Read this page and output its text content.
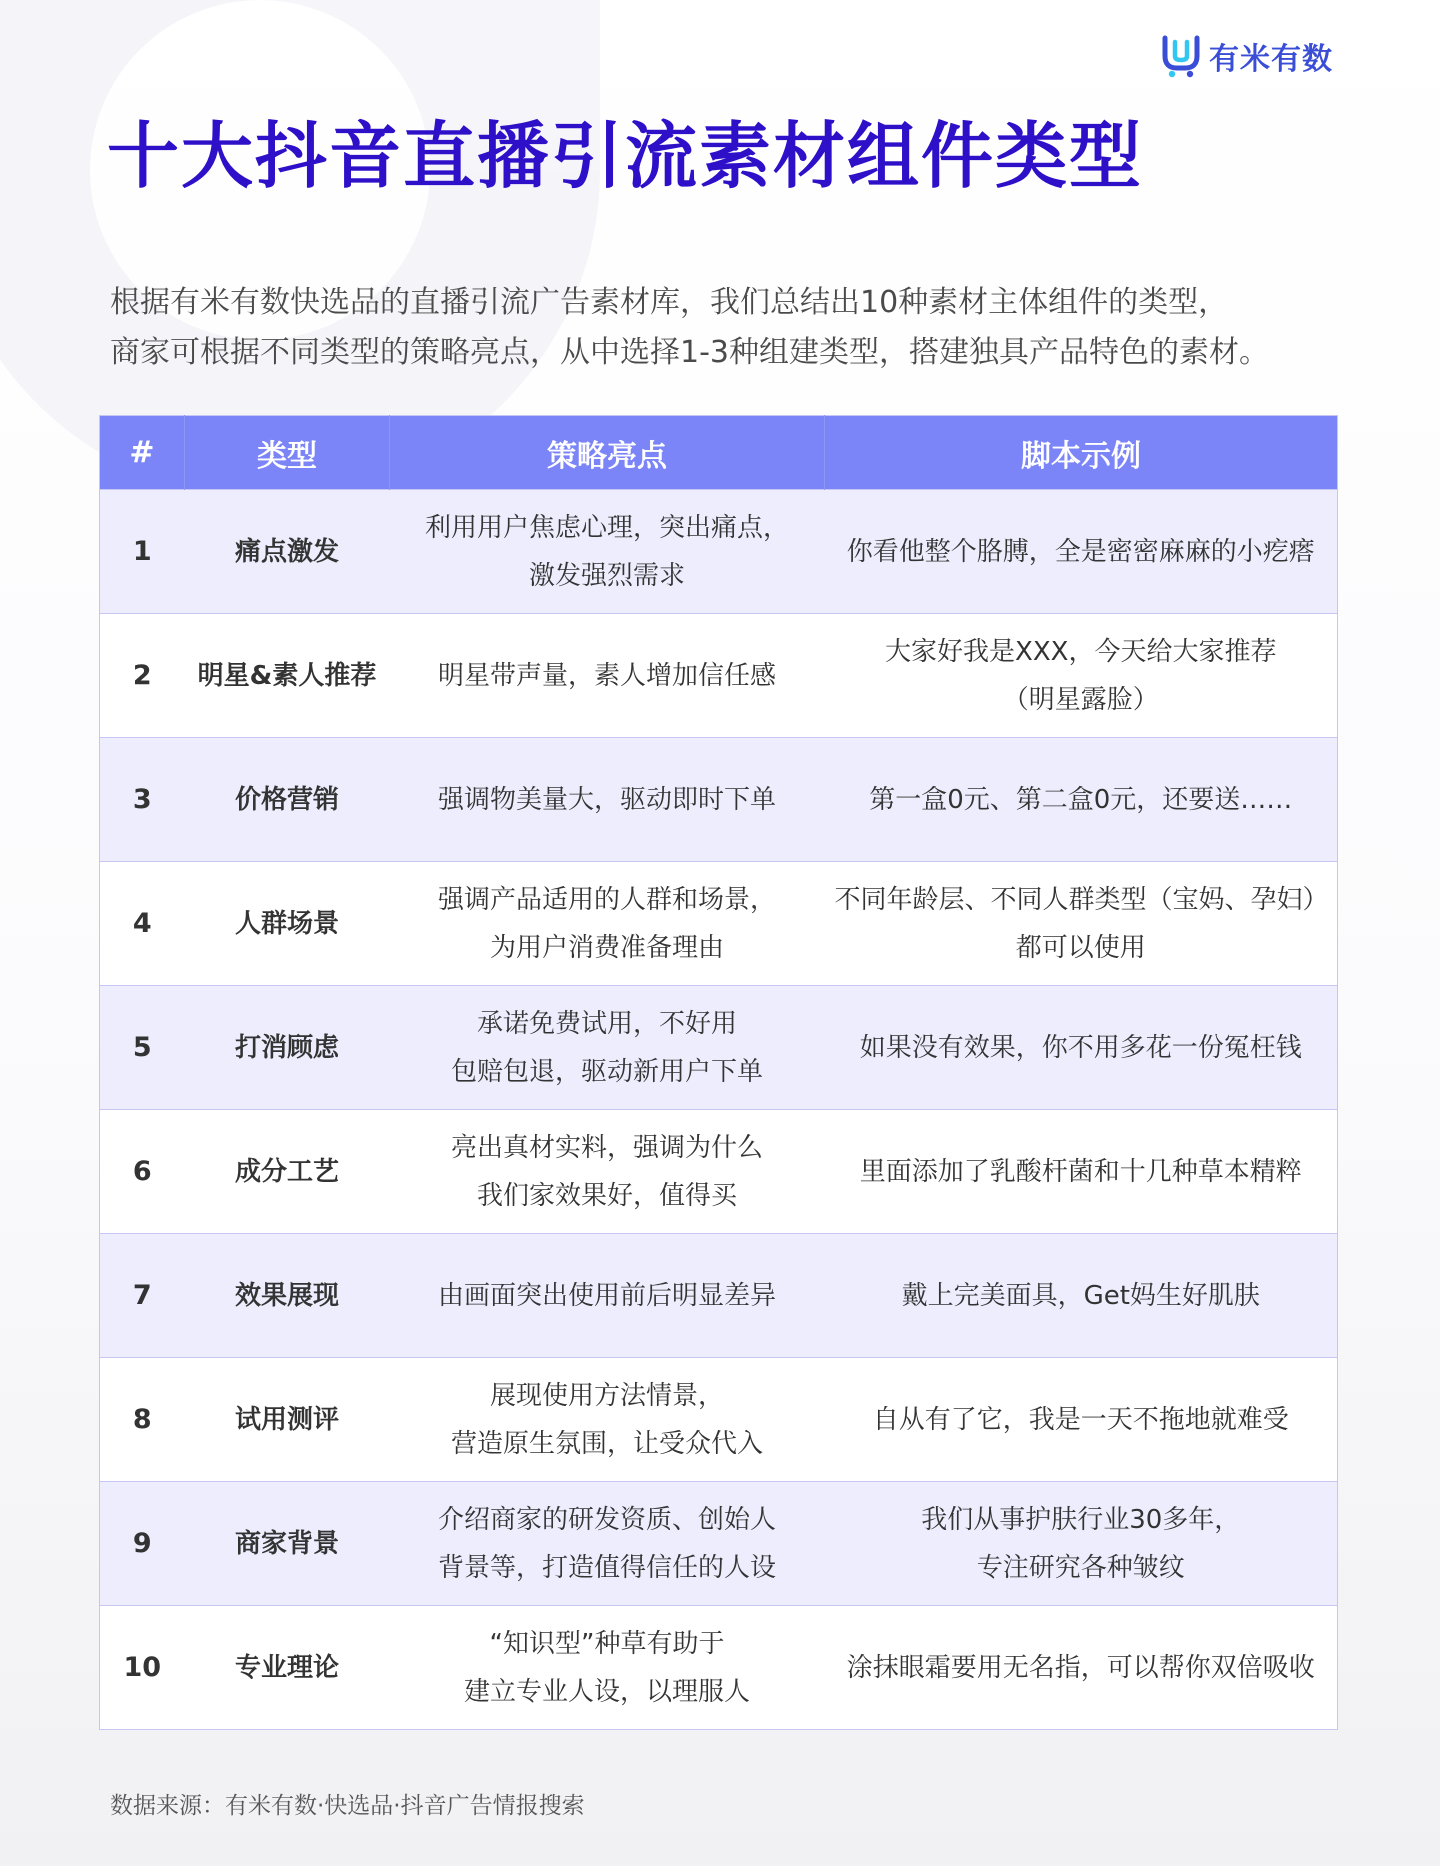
有米有数
十大抖音直播引流素材组件类型

根据有米有数快选品的直播引流广告素材库，我们总结出10种素材主体组件的类型，

商家可根据不同类型的策略亮点，从中选择1-3种组建类型，搭建独具产品特色的素材。

#	类型	策略亮点	脚本示例
1	痛点激发	利用用户焦虑心理，突出痛点，
激发强烈需求	你看他整个胳膊，全是密密麻麻的小疙瘩

2	明星&素人推荐	明星带声量，素人增加信任感	大家好我是XXX，今天给大家推荐
（明星露脸）

3	价格营销	强调物美量大，驱动即时下单	第一盒0元、第二盒0元，还要送……

4	人群场景	强调产品适用的人群和场景，
为用户消费准备理由	不同年龄层、不同人群类型（宝妈、孕妇）
都可以使用

5	打消顾虑	承诺免费试用，不好用
包赔包退，驱动新用户下单	如果没有效果，你不用多花一份冤枉钱

6	成分工艺	亮出真材实料，强调为什么
我们家效果好，值得买	里面添加了乳酸杆菌和十几种草本精粹

7	效果展现	由画面突出使用前后明显差异	戴上完美面具，Get妈生好肌肤

8	试用测评	展现使用方法情景，
营造原生氛围，让受众代入	自从有了它，我是一天不拖地就难受

9	商家背景	介绍商家的研发资质、创始人
背景等，打造值得信任的人设	我们从事护肤行业30多年，
专注研究各种皱纹

10	专业理论	“知识型”种草有助于
建立专业人设，以理服人	涂抹眼霜要用无名指，可以帮你双倍吸收

数据来源：有米有数·快选品·抖音广告情报搜索
